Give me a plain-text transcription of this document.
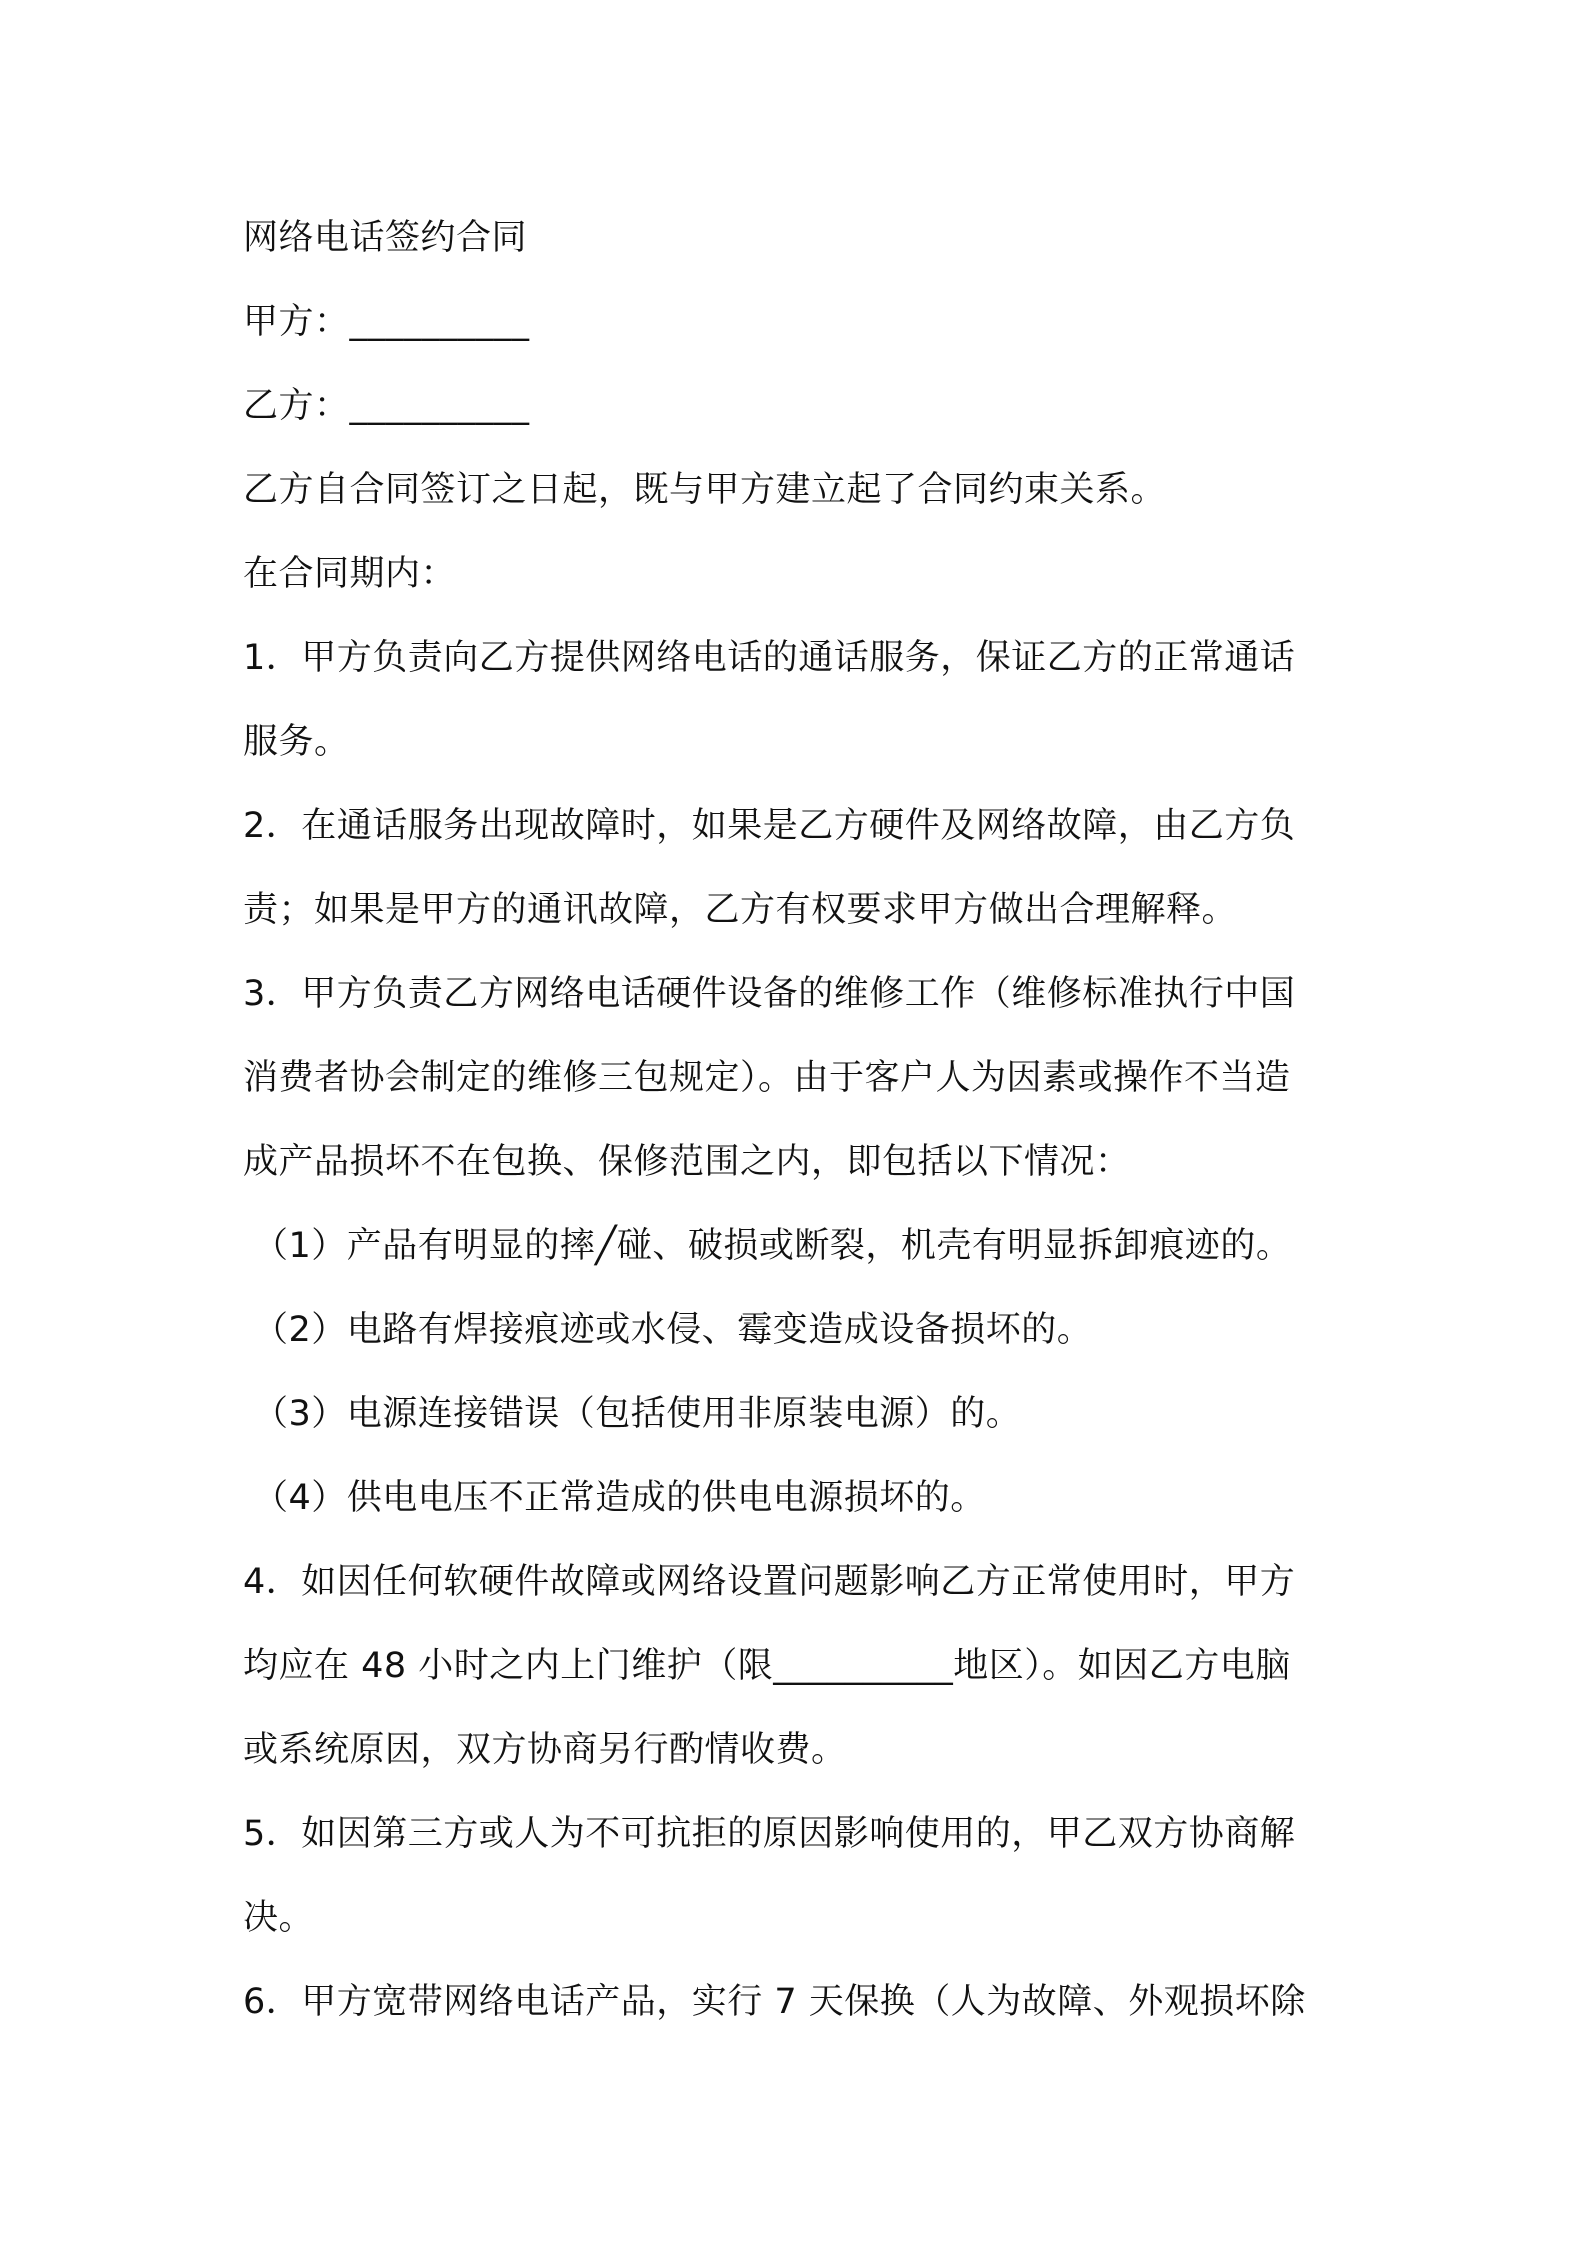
网络电话签约合同
甲方：__________
乙方：__________
乙方自合同签订之日起，既与甲方建立起了合同约束关系。
在合同期内：
1．甲方负责向乙方提供网络电话的通话服务，保证乙方的正常通话
服务。
2．在通话服务出现故障时，如果是乙方硬件及网络故障，由乙方负
责；如果是甲方的通讯故障，乙方有权要求甲方做出合理解释。
3．甲方负责乙方网络电话硬件设备的维修工作（维修标准执行中国
消费者协会制定的维修三包规定）。由于客户人为因素或操作不当造
成产品损坏不在包换、保修范围之内，即包括以下情况：
（1）产品有明显的摔╱碰、破损或断裂，机壳有明显拆卸痕迹的。
（2）电路有焊接痕迹或水侵、霉变造成设备损坏的。
（3）电源连接错误（包括使用非原装电源）的。
（4）供电电压不正常造成的供电电源损坏的。
4．如因任何软硬件故障或网络设置问题影响乙方正常使用时，甲方
均应在 48 小时之内上门维护（限__________地区）。如因乙方电脑
或系统原因，双方协商另行酌情收费。
5．如因第三方或人为不可抗拒的原因影响使用的，甲乙双方协商解
决。
6．甲方宽带网络电话产品，实行 7 天保换（人为故障、外观损坏除
